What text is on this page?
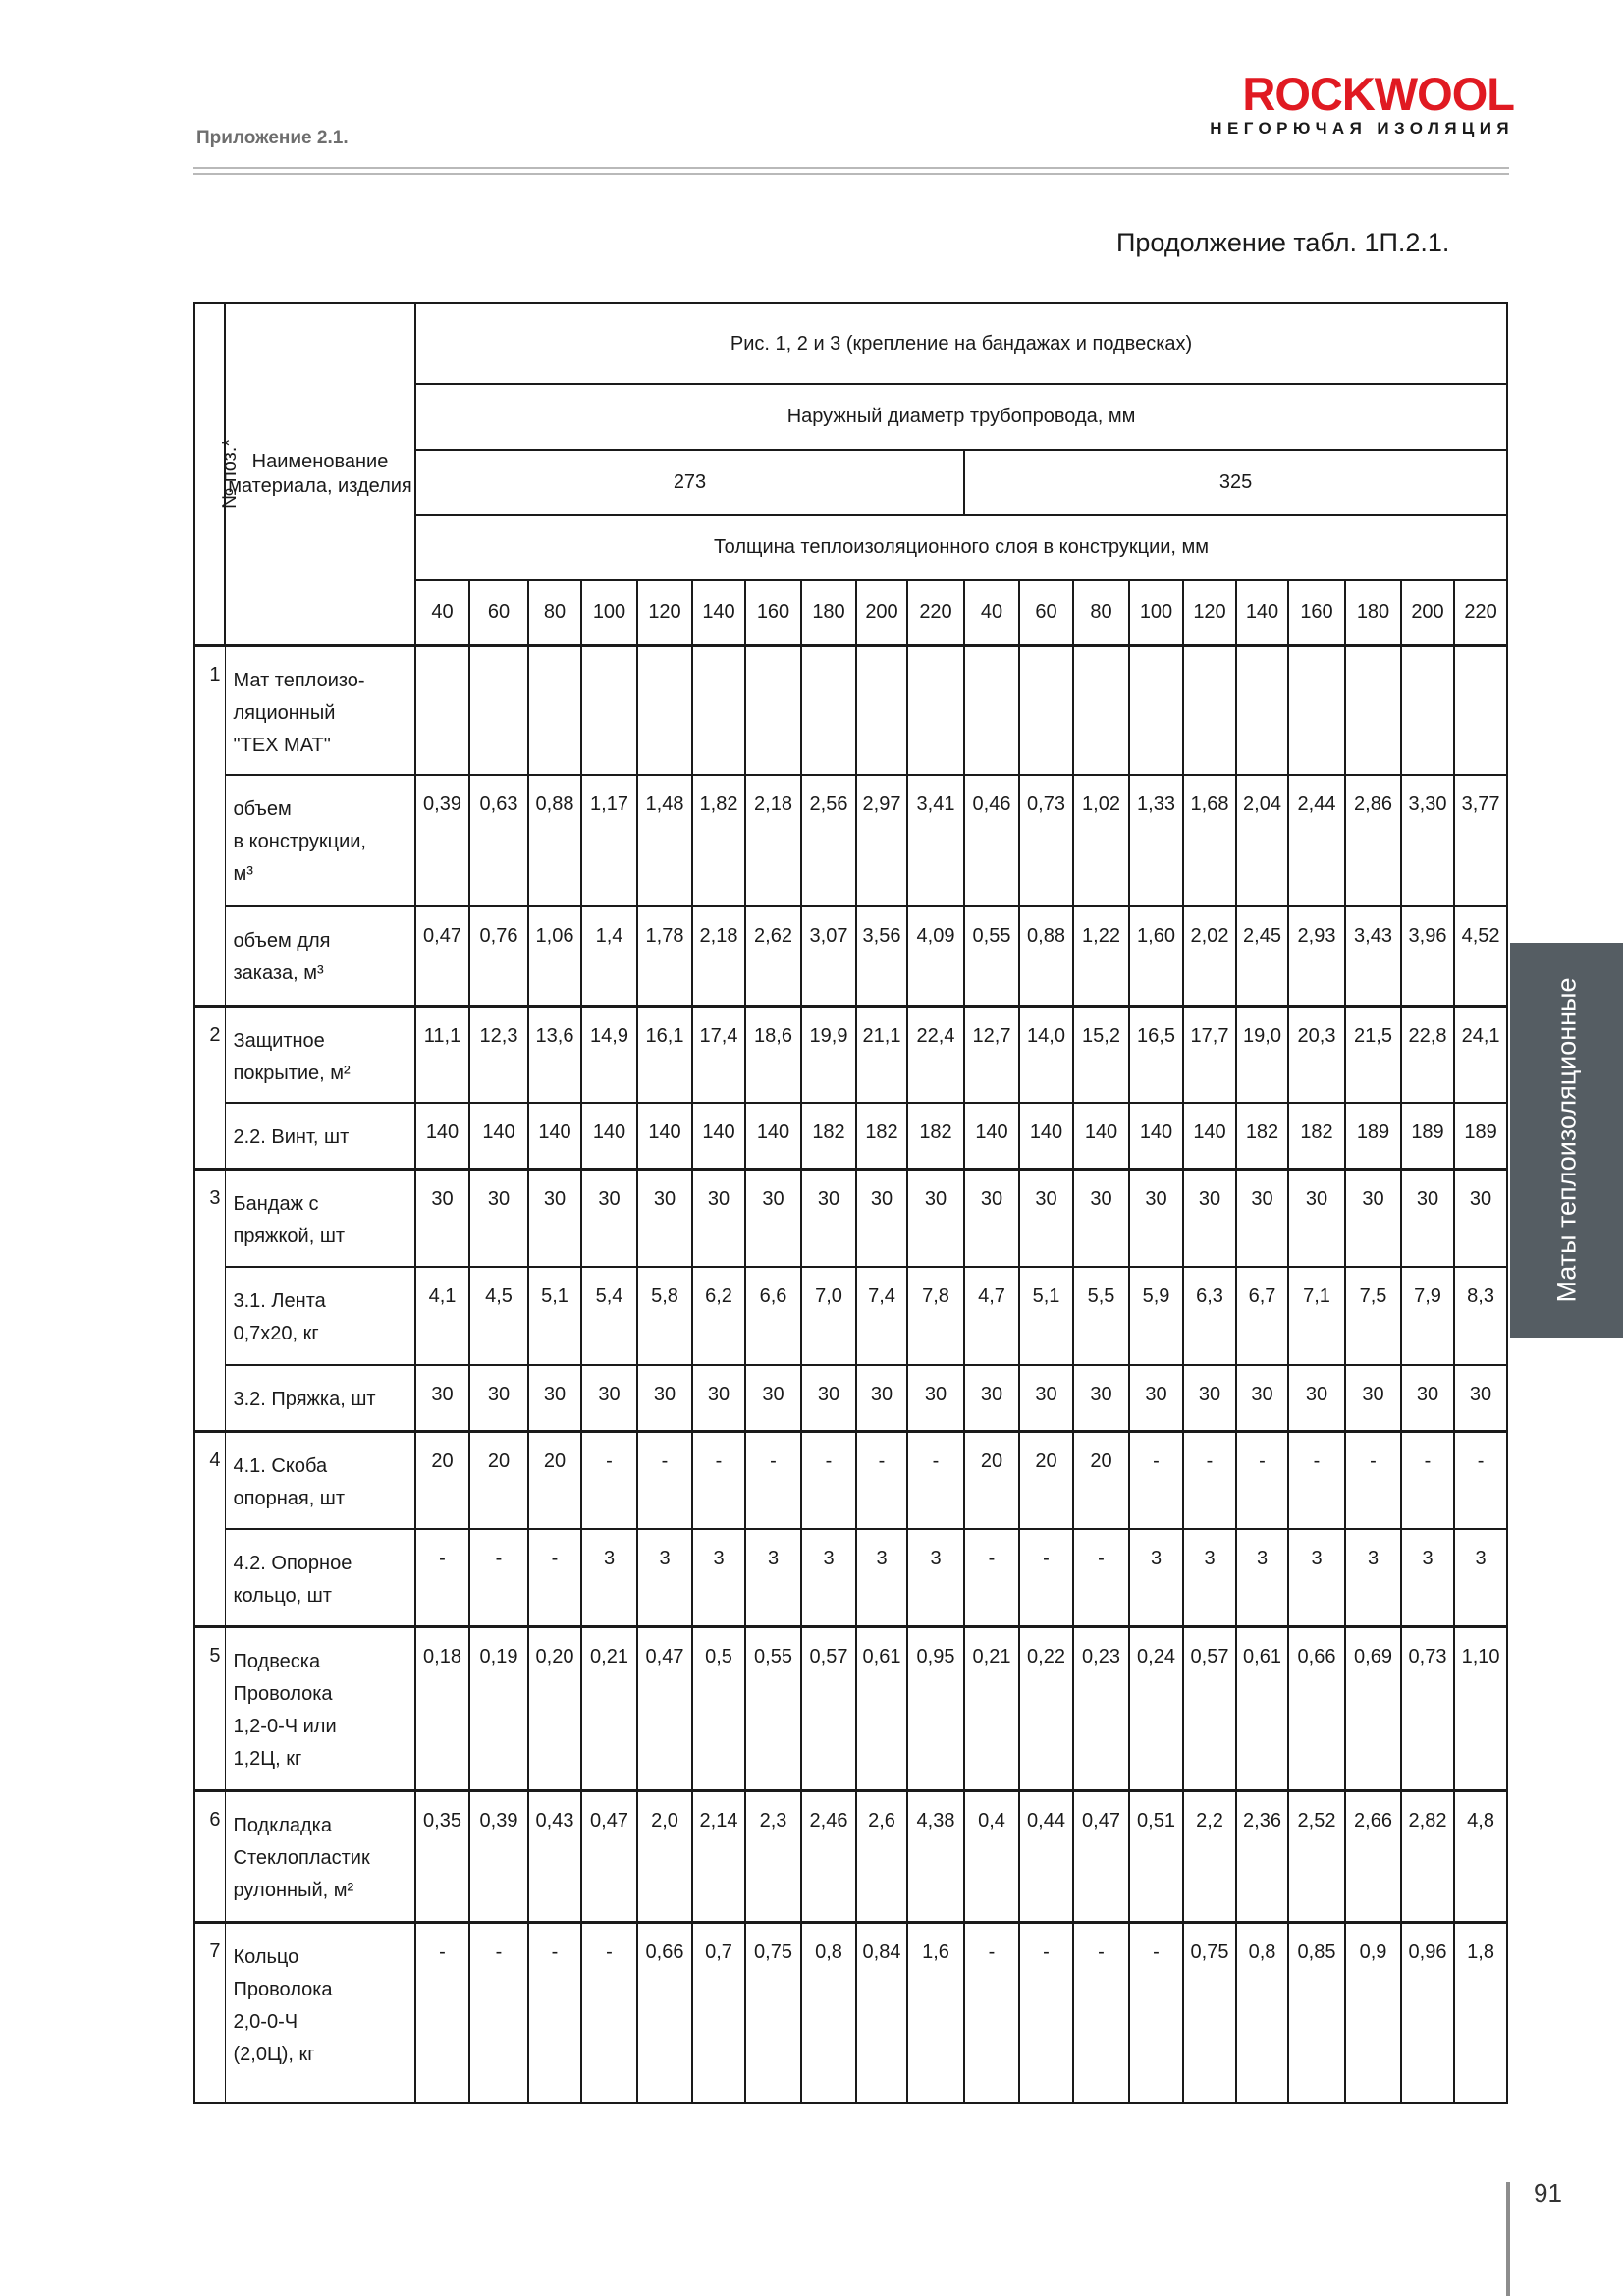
Приложение 2.1.
ROCKWOOL
НЕГОРЮЧАЯ ИЗОЛЯЦИЯ
Продолжение табл. 1П.2.1.
№ поз.*	Наименование материала, изделия	Рис. 1, 2 и 3 (крепление на бандажах и подвесках)																			
		Наружный диаметр трубопровода, мм																			
		273										325									
		Толщина теплоизоляционного слоя в конструкции, мм																			
		40	60	80	100	120	140	160	180	200	220	40	60	80	100	120	140	160	180	200	220
1	Мат теплоизо-
ляционный
"ТЕХ МАТ"																				
	объем
в конструкции,
м³	0,39	0,63	0,88	1,17	1,48	1,82	2,18	2,56	2,97	3,41	0,46	0,73	1,02	1,33	1,68	2,04	2,44	2,86	3,30	3,77
	объем для
заказа, м³	0,47	0,76	1,06	1,4	1,78	2,18	2,62	3,07	3,56	4,09	0,55	0,88	1,22	1,60	2,02	2,45	2,93	3,43	3,96	4,52
2	Защитное
покрытие, м²	11,1	12,3	13,6	14,9	16,1	17,4	18,6	19,9	21,1	22,4	12,7	14,0	15,2	16,5	17,7	19,0	20,3	21,5	22,8	24,1
	2.2. Винт, шт	140	140	140	140	140	140	140	182	182	182	140	140	140	140	140	182	182	189	189	189
3	Бандаж с
пряжкой, шт	30	30	30	30	30	30	30	30	30	30	30	30	30	30	30	30	30	30	30	30
	3.1. Лента
0,7х20, кг	4,1	4,5	5,1	5,4	5,8	6,2	6,6	7,0	7,4	7,8	4,7	5,1	5,5	5,9	6,3	6,7	7,1	7,5	7,9	8,3
	3.2. Пряжка, шт	30	30	30	30	30	30	30	30	30	30	30	30	30	30	30	30	30	30	30	30
4	4.1. Скоба
опорная, шт	20	20	20	-	-	-	-	-	-	-	20	20	20	-	-	-	-	-	-	-
	4.2. Опорное
кольцо, шт	-	-	-	3	3	3	3	3	3	3	-	-	-	3	3	3	3	3	3	3
5	Подвеска
Проволока
1,2-0-Ч или
1,2Ц, кг	0,18	0,19	0,20	0,21	0,47	0,5	0,55	0,57	0,61	0,95	0,21	0,22	0,23	0,24	0,57	0,61	0,66	0,69	0,73	1,10
6	Подкладка
Стеклопластик
рулонный, м²	0,35	0,39	0,43	0,47	2,0	2,14	2,3	2,46	2,6	4,38	0,4	0,44	0,47	0,51	2,2	2,36	2,52	2,66	2,82	4,8
7	Кольцо
Проволока
2,0-0-Ч
(2,0Ц), кг	-	-	-	-	0,66	0,7	0,75	0,8	0,84	1,6	-	-	-	-	0,75	0,8	0,85	0,9	0,96	1,8
Маты теплоизоляционные
91
